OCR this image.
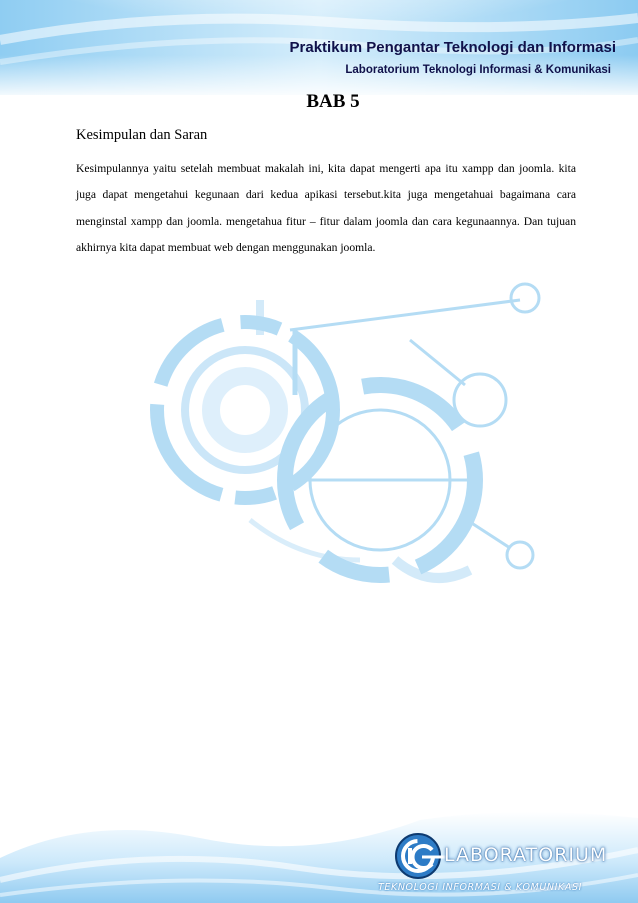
Praktikum Pengantar Teknologi dan Informasi
Laboratorium Teknologi Informasi & Komunikasi
BAB 5
Kesimpulan dan Saran
Kesimpulannya yaitu setelah membuat makalah ini, kita dapat mengerti apa itu xampp dan joomla. kita juga dapat mengetahui kegunaan dari kedua apikasi tersebut.kita juga mengetahuai bagaimana cara menginstal xampp dan joomla. mengetahua fitur – fitur dalam joomla dan cara kegunaannya. Dan tujuan akhirnya kita dapat membuat web dengan menggunakan joomla.
LABORATORIUM
TEKNOLOGI INFORMASI & KOMUNIKASI
